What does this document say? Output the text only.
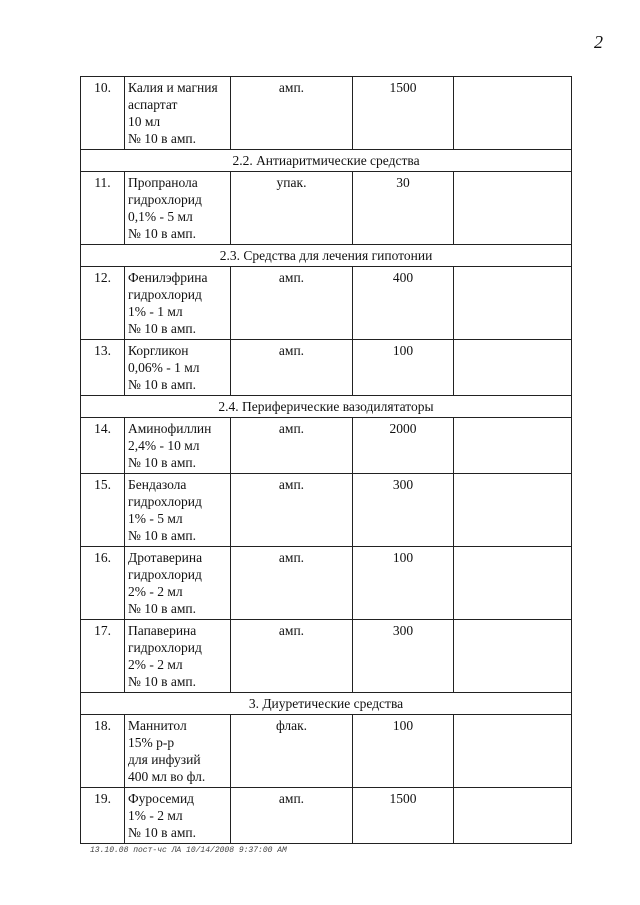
2
10.	Калия и магния
аспартат
10 мл
№ 10 в амп.	амп.	1500	
2.2. Антиаритмические средства				
11.	Пропранола
гидрохлорид
0,1% - 5 мл
№ 10 в амп.	упак.	30	
2.3. Средства для лечения гипотонии				
12.	Фенилэфрина
гидрохлорид
1% - 1 мл
№ 10 в амп.	амп.	400	
13.	Коргликон
0,06% - 1 мл
№ 10 в амп.	амп.	100	
2.4. Периферические вазодилятаторы				
14.	Аминофиллин
2,4% - 10 мл
№ 10 в амп.	амп.	2000	
15.	Бендазола
гидрохлорид
1% - 5 мл
№ 10 в амп.	амп.	300	
16.	Дротаверина
гидрохлорид
2% - 2 мл
№ 10 в амп.	амп.	100	
17.	Папаверина
гидрохлорид
2% - 2 мл
№ 10 в амп.	амп.	300	
3. Диуретические средства				
18.	Маннитол
15% р-р
для инфузий
400 мл во фл.	флак.	100	
19.	Фуросемид
1% - 2 мл
№ 10 в амп.	амп.	1500	
13.10.08 пост-чс ЛА 10/14/2008 9:37:00 AM
